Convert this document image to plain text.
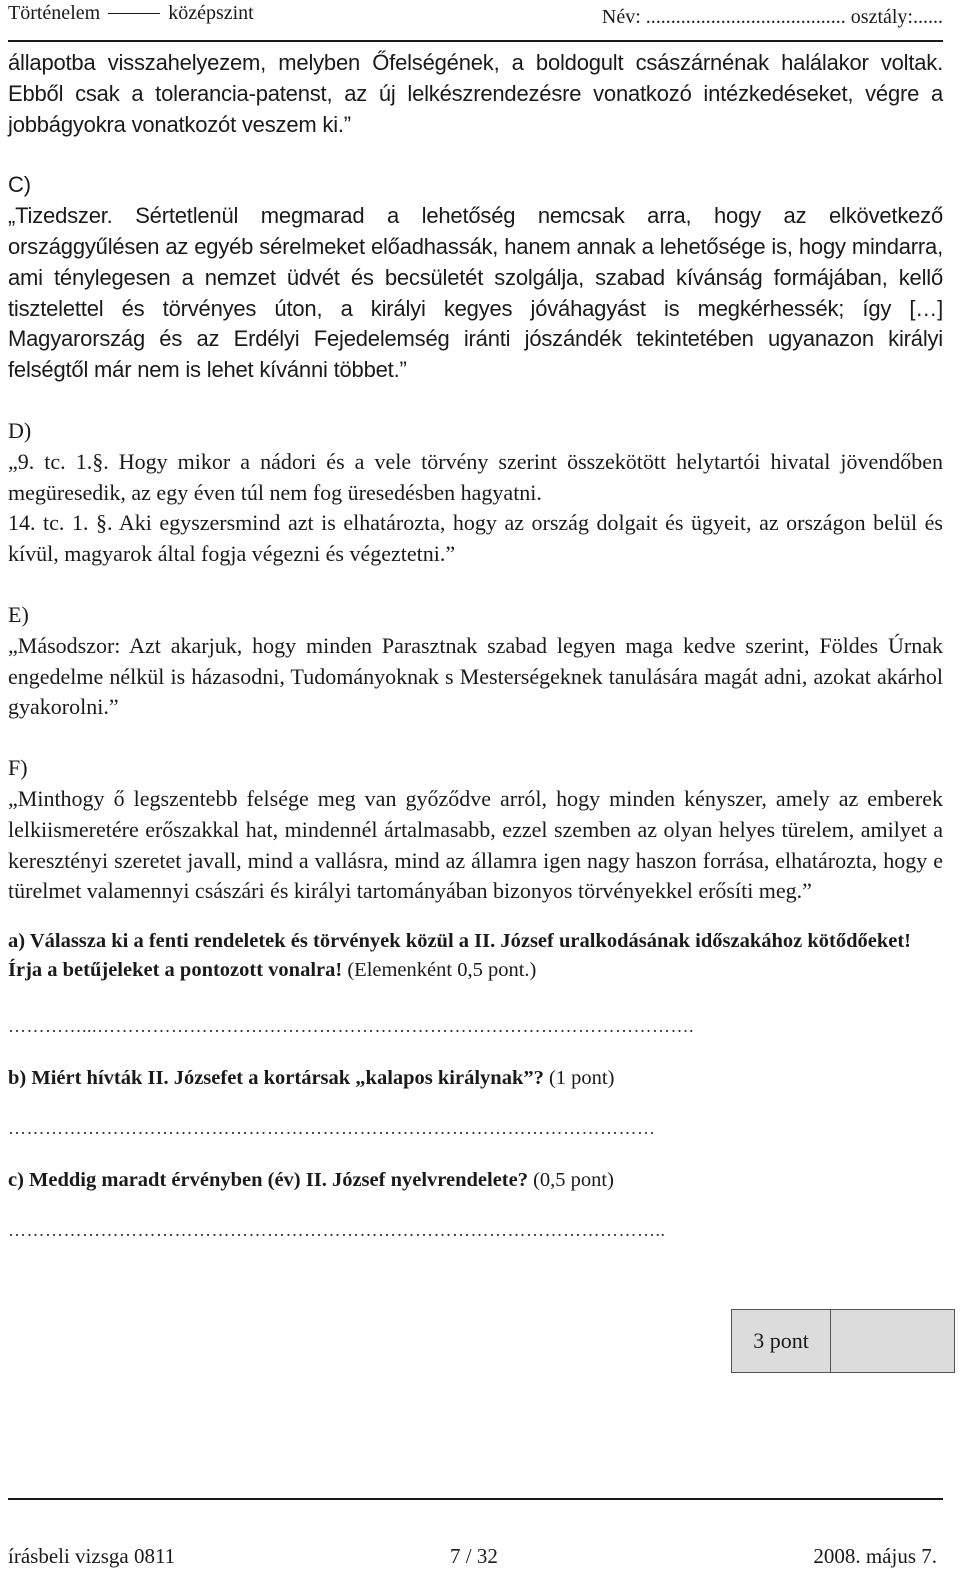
Történelem	középszint	Név: ........................................ osztály:......

állapotba visszahelyezem, melyben Őfelségének, a boldogult császárnénak halálakor voltak. Ebből csak a tolerancia-patenst, az új lelkészrendezésre vonatkozó intézkedéseket, végre a jobbágyokra vonatkozót veszem ki.”

C)

„Tizedszer. Sértetlenül megmarad a lehetőség nemcsak arra, hogy az elkövetkező országgyűlésen az egyéb sérelmeket előadhassák, hanem annak a lehetősége is, hogy mindarra, ami ténylegesen a nemzet üdvét és becsületét szolgálja, szabad kívánság formájában, kellő tisztelettel és törvényes úton, a királyi kegyes jóváhagyást is megkérhessék; így […] Magyarország és az Erdélyi Fejedelemség iránti jószándék tekintetében ugyanazon királyi felségtől már nem is lehet kívánni többet.”

D)

„9. tc. 1.§. Hogy mikor a nádori és a vele törvény szerint összekötött helytartói hivatal jövendőben megüresedik, az egy éven túl nem fog üresedésben hagyatni.

14. tc. 1. §. Aki egyszersmind azt is elhatározta, hogy az ország dolgait és ügyeit, az országon belül és kívül, magyarok által fogja végezni és végeztetni.”

E)

„Másodszor: Azt akarjuk, hogy minden Parasztnak szabad legyen maga kedve szerint, Földes Úrnak engedelme nélkül is házasodni, Tudományoknak s Mesterségeknek tanulására magát adni, azokat akárhol gyakorolni.”

F)

„Minthogy ő legszentebb felsége meg van győződve arról, hogy minden kényszer, amely az emberek lelkiismeretére erőszakkal hat, mindennél ártalmasabb, ezzel szemben az olyan helyes türelem, amilyet a keresztényi szeretet javall, mind a vallásra, mind az államra igen nagy haszon forrása, elhatározta, hogy e türelmet valamennyi császári és királyi tartományában bizonyos törvényekkel erősíti meg.”

a) Válassza ki a fenti rendeletek és törvények közül a II. József uralkodásának időszakához kötődőeket! Írja a betűjeleket a pontozott vonalra! (Elemenként 0,5 pont.)

…………...…………………………………………………………………………………….

b) Miért hívták II. Józsefet a kortársak „kalapos királynak”? (1 pont)

……………………………………………………………………………………………

c) Meddig maradt érvényben (év) II. József nyelvrendelete? (0,5 pont)

……………………………………………………………………………………………..

3 pont
írásbeli vizsga 0811	7 / 32	2008. május 7.
